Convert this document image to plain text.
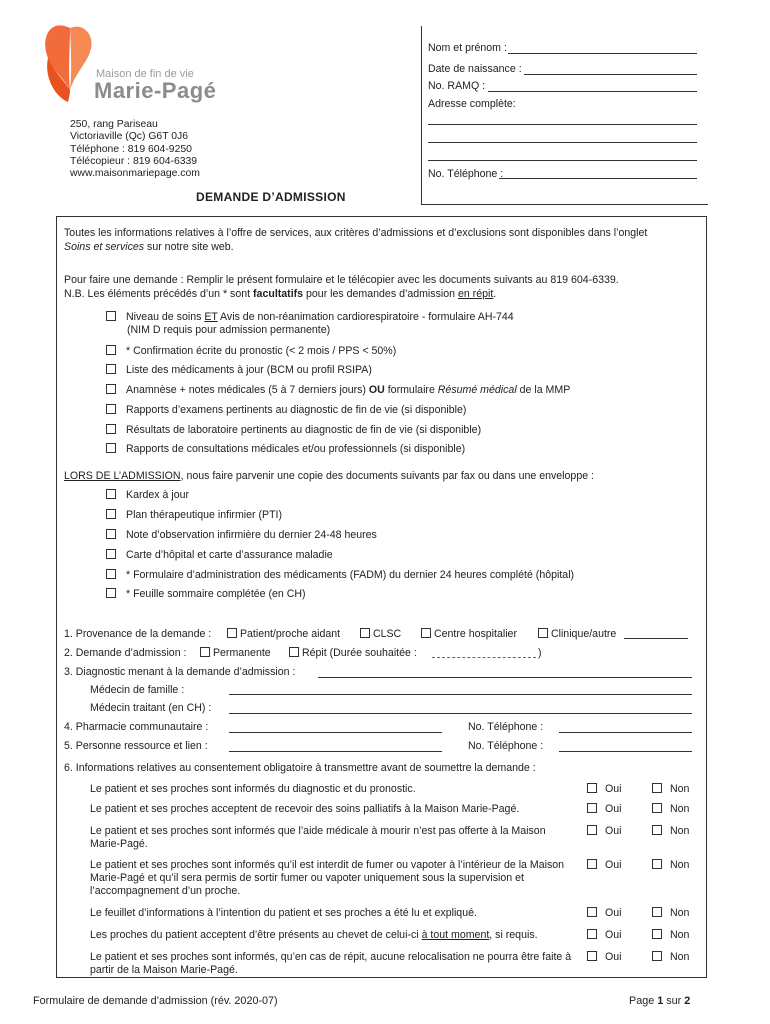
Maison de fin de vie
Marie-Pagé
250, rang Pariseau
Victoriaville (Qc) G6T 0J6
Téléphone : 819 604-9250
Télécopieur : 819 604-6339
www.maisonmariepage.com
Nom et prénom :
Date de naissance :
No. RAMQ :
Adresse complète:
No. Téléphone :
DEMANDE D’ADMISSION
Toutes les informations relatives à l’offre de services, aux critères d’admissions et d’exclusions sont disponibles dans l’onglet
Soins et services sur notre site web.
Pour faire une demande : Remplir le présent formulaire et le télécopier avec les documents suivants au 819 604-6339.
N.B. Les éléments précédés d’un * sont facultatifs pour les demandes d’admission en répit.
Niveau de soins ET Avis de non-réanimation cardiorespiratoire - formulaire AH-744
(NIM D requis pour admission permanente)
* Confirmation écrite du pronostic (< 2 mois / PPS < 50%)
Liste des médicaments à jour (BCM ou profil RSIPA)
Anamnèse + notes médicales (5 à 7 derniers jours) OU formulaire Résumé médical de la MMP
Rapports d’examens pertinents au diagnostic de fin de vie (si disponible)
Résultats de laboratoire pertinents au diagnostic de fin de vie (si disponible)
Rapports de consultations médicales et/ou professionnels (si disponible)
LORS DE L’ADMISSION, nous faire parvenir une copie des documents suivants par fax ou dans une enveloppe :
Kardex à jour
Plan thérapeutique infirmier (PTI)
Note d’observation infirmière du dernier 24-48 heures
Carte d’hôpital et carte d’assurance maladie
* Formulaire d’administration des médicaments (FADM) du dernier 24 heures complété (hôpital)
* Feuille sommaire complétée (en CH)
1. Provenance de la demande :	Patient/proche aidant	CLSC	Centre hospitalier	Clinique/autre
2. Demande d’admission :	Permanente	Répit (Durée souhaitée :	)
3. Diagnostic menant à la demande d’admission :
Médecin de famille :
Médecin traitant (en CH) :
4. Pharmacie communautaire :	No. Téléphone :
5. Personne ressource et lien :	No. Téléphone :
6. Informations relatives au consentement obligatoire à transmettre avant de soumettre la demande :
Le patient et ses proches sont informés du diagnostic et du pronostic.	Oui	Non
Le patient et ses proches acceptent de recevoir des soins palliatifs à la Maison Marie-Pagé.	Oui	Non
Le patient et ses proches sont informés que l’aide médicale à mourir n’est pas offerte à la Maison Marie-Pagé.
Oui	Non
Le patient et ses proches sont informés qu’il est interdit de fumer ou vapoter à l’intérieur de la Maison Marie-Pagé et qu’il sera permis de sortir fumer ou vapoter uniquement sous la supervision et l’accompagnement d’un proche.
Oui	Non
Le feuillet d’informations à l’intention du patient et ses proches a été lu et expliqué.	Oui	Non
Les proches du patient acceptent d’être présents au chevet de celui-ci à tout moment, si requis.	Oui	Non
Le patient et ses proches sont informés, qu’en cas de répit, aucune relocalisation ne pourra être faite à partir de la Maison Marie-Pagé.
Oui	Non
Formulaire de demande d’admission (rév. 2020-07)	Page 1 sur 2
